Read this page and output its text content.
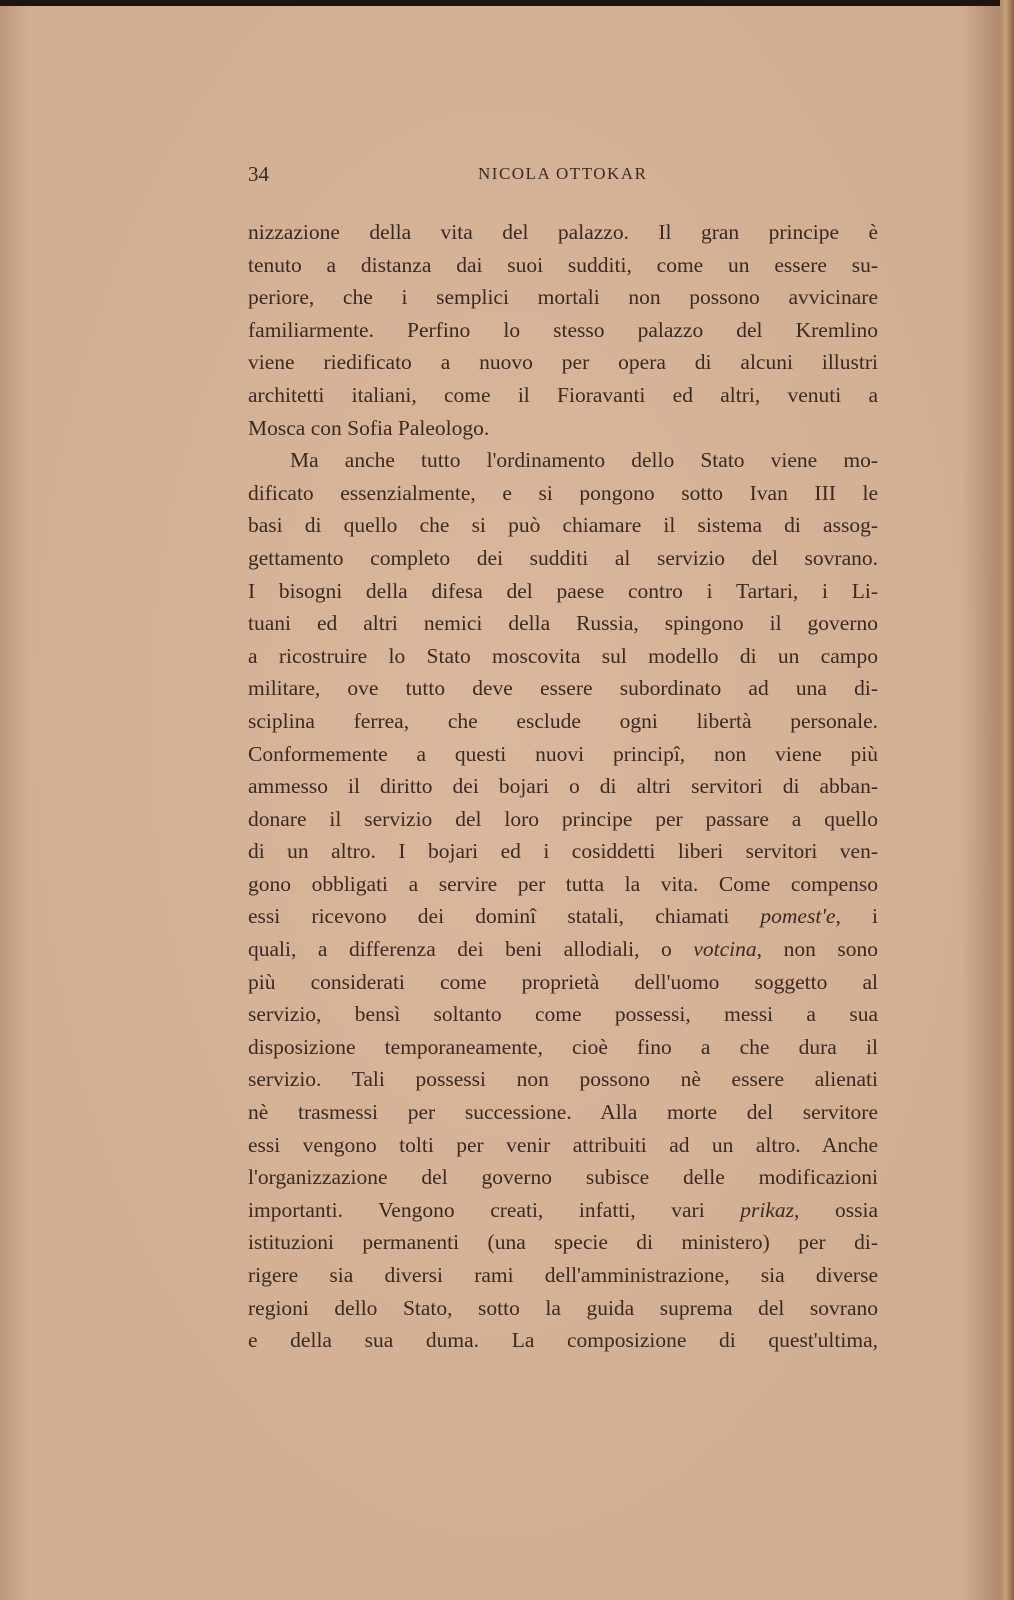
34	NICOLA OTTOKAR
nizzazione della vita del palazzo. Il gran principe è
tenuto a distanza dai suoi sudditi, come un essere su-
periore, che i semplici mortali non possono avvicinare
familiarmente. Perfino lo stesso palazzo del Kremlino
viene riedificato a nuovo per opera di alcuni illustri
architetti italiani, come il Fioravanti ed altri, venuti a
Mosca con Sofia Paleologo.
Ma anche tutto l'ordinamento dello Stato viene mo-
dificato essenzialmente, e si pongono sotto Ivan III le
basi di quello che si può chiamare il sistema di assog-
gettamento completo dei sudditi al servizio del sovrano.
I bisogni della difesa del paese contro i Tartari, i Li-
tuani ed altri nemici della Russia, spingono il governo
a ricostruire lo Stato moscovita sul modello di un campo
militare, ove tutto deve essere subordinato ad una di-
sciplina ferrea, che esclude ogni libertà personale.
Conformemente a questi nuovi principî, non viene più
ammesso il diritto dei bojari o di altri servitori di abban-
donare il servizio del loro principe per passare a quello
di un altro. I bojari ed i cosiddetti liberi servitori ven-
gono obbligati a servire per tutta la vita. Come compenso
essi ricevono dei dominî statali, chiamati pomest'e, i
quali, a differenza dei beni allodiali, o votcina, non sono
più considerati come proprietà dell'uomo soggetto al
servizio, bensì soltanto come possessi, messi a sua
disposizione temporaneamente, cioè fino a che dura il
servizio. Tali possessi non possono nè essere alienati
nè trasmessi per successione. Alla morte del servitore
essi vengono tolti per venir attribuiti ad un altro. Anche
l'organizzazione del governo subisce delle modificazioni
importanti. Vengono creati, infatti, vari prikaz, ossia
istituzioni permanenti (una specie di ministero) per di-
rigere sia diversi rami dell'amministrazione, sia diverse
regioni dello Stato, sotto la guida suprema del sovrano
e della sua duma. La composizione di quest'ultima,
